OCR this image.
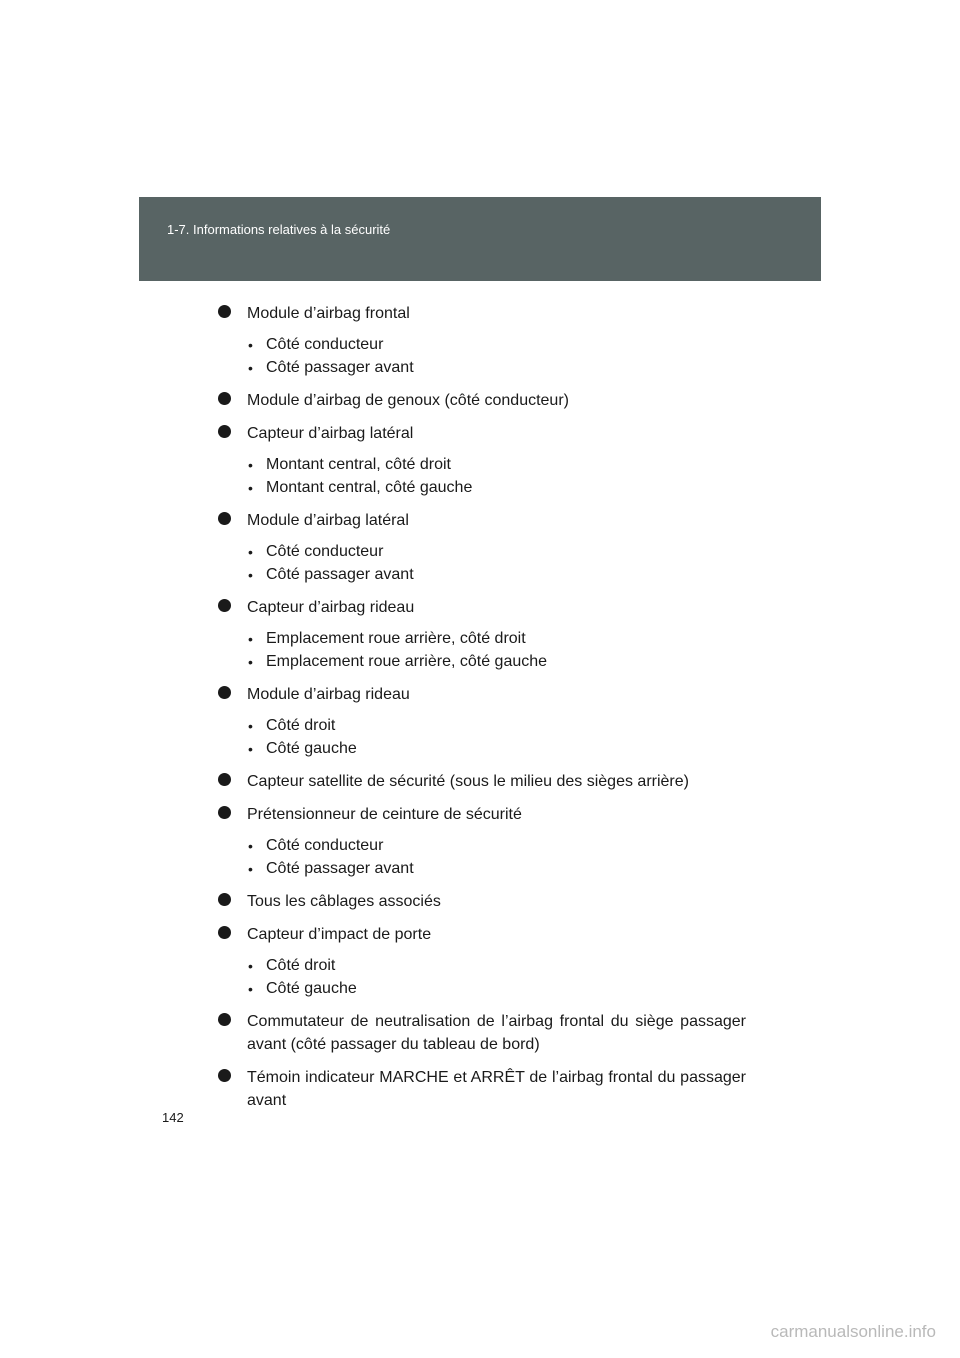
1-7. Informations relatives à la sécurité
Module d’airbag frontal
• Côté conducteur
• Côté passager avant
Module d’airbag de genoux (côté conducteur)
Capteur d’airbag latéral
• Montant central, côté droit
• Montant central, côté gauche
Module d’airbag latéral
• Côté conducteur
• Côté passager avant
Capteur d’airbag rideau
• Emplacement roue arrière, côté droit
• Emplacement roue arrière, côté gauche
Module d’airbag rideau
• Côté droit
• Côté gauche
Capteur satellite de sécurité (sous le milieu des sièges arrière)
Prétensionneur de ceinture de sécurité
• Côté conducteur
• Côté passager avant
Tous les câblages associés
Capteur d’impact de porte
• Côté droit
• Côté gauche
Commutateur de neutralisation de l’airbag frontal du siège passager avant (côté passager du tableau de bord)
Témoin indicateur MARCHE et ARRÊT de l’airbag frontal du passager avant
142
carmanualsonline.info
